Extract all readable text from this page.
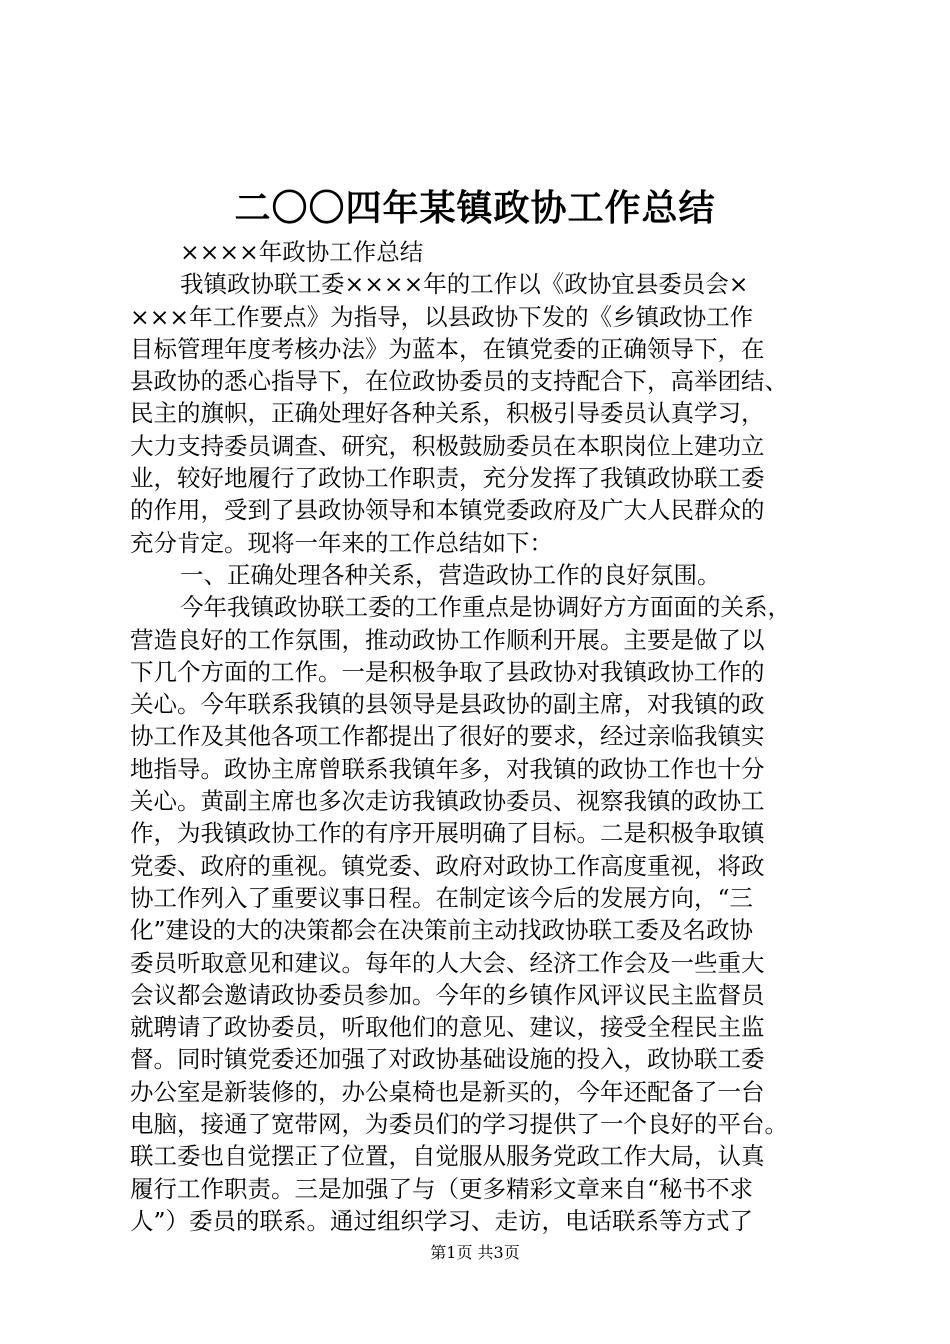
二〇〇四年某镇政协工作总结
××××年政协工作总结
我镇政协联工委××××年的工作以《政协宜县委员会×
×××年工作要点》为指导，以县政协下发的《乡镇政协工作
目标管理年度考核办法》为蓝本，在镇党委的正确领导下，在
县政协的悉心指导下，在位政协委员的支持配合下，高举团结、
民主的旗帜，正确处理好各种关系，积极引导委员认真学习，
大力支持委员调查、研究，积极鼓励委员在本职岗位上建功立
业，较好地履行了政协工作职责，充分发挥了我镇政协联工委
的作用，受到了县政协领导和本镇党委政府及广大人民群众的
充分肯定。现将一年来的工作总结如下：
一、正确处理各种关系，营造政协工作的良好氛围。
今年我镇政协联工委的工作重点是协调好方方面面的关系，
营造良好的工作氛围，推动政协工作顺利开展。主要是做了以
下几个方面的工作。一是积极争取了县政协对我镇政协工作的
关心。今年联系我镇的县领导是县政协的副主席，对我镇的政
协工作及其他各项工作都提出了很好的要求，经过亲临我镇实
地指导。政协主席曾联系我镇年多，对我镇的政协工作也十分
关心。黄副主席也多次走访我镇政协委员、视察我镇的政协工
作，为我镇政协工作的有序开展明确了目标。二是积极争取镇
党委、政府的重视。镇党委、政府对政协工作高度重视，将政
协工作列入了重要议事日程。在制定该今后的发展方向，“三
化”建设的大的决策都会在决策前主动找政协联工委及名政协
委员听取意见和建议。每年的人大会、经济工作会及一些重大
会议都会邀请政协委员参加。今年的乡镇作风评议民主监督员
就聘请了政协委员，听取他们的意见、建议，接受全程民主监
督。同时镇党委还加强了对政协基础设施的投入，政协联工委
办公室是新装修的，办公桌椅也是新买的，今年还配备了一台
电脑，接通了宽带网，为委员们的学习提供了一个良好的平台。
联工委也自觉摆正了位置，自觉服从服务党政工作大局，认真
履行工作职责。三是加强了与（更多精彩文章来自“秘书不求
人”）委员的联系。通过组织学习、走访，电话联系等方式了
第1页 共3页
